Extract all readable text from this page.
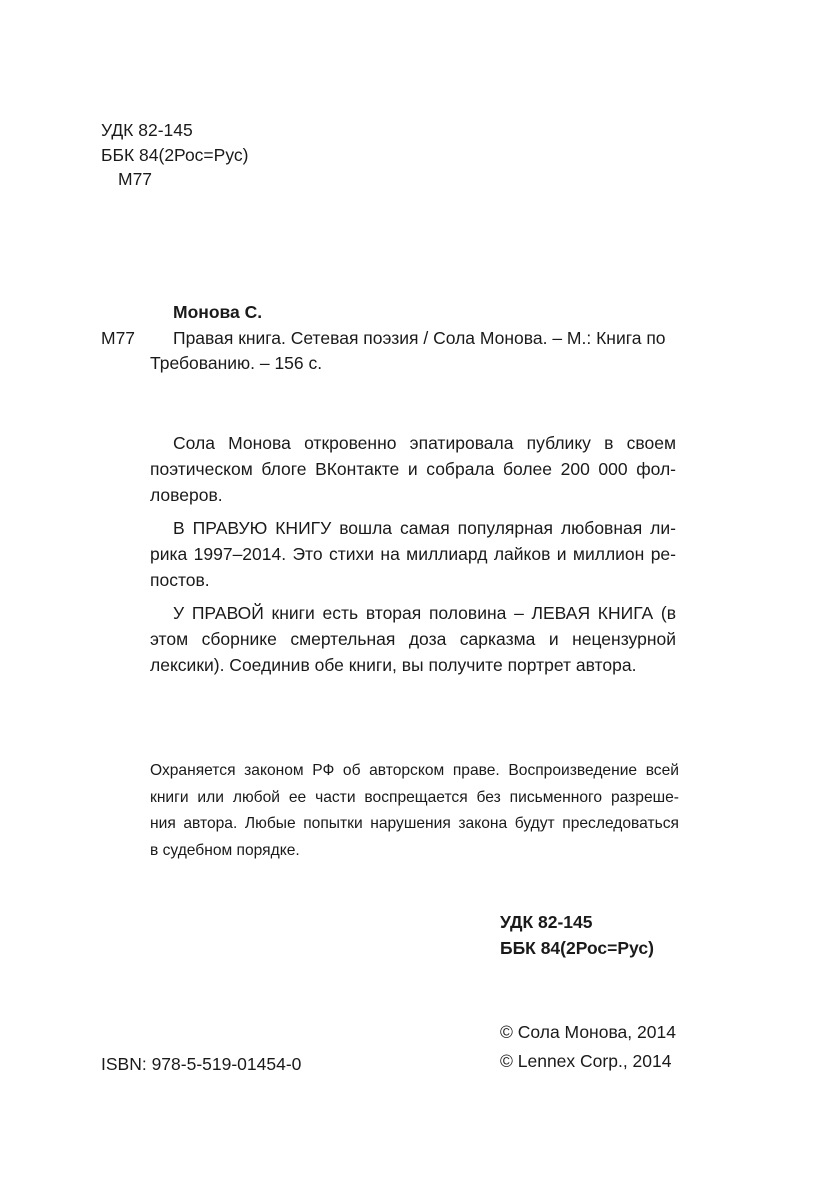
УДК 82-145
ББК 84(2Рос=Рус)
М77
Монова С.
М77 Правая книга. Сетевая поэзия / Сола Монова. – М.: Книга по
Требованию. – 156 с.
Сола Монова откровенно эпатировала публику в своем
поэтическом блоге ВКонтакте и собрала более 200 000 фол-
ловеров.
В ПРАВУЮ КНИГУ вошла самая популярная любовная ли-
рика 1997–2014. Это стихи на миллиард лайков и миллион ре-
постов.
У ПРАВОЙ книги есть вторая половина – ЛЕВАЯ КНИГА (в
этом сборнике смертельная доза сарказма и нецензурной
лексики). Соединив обе книги, вы получите портрет автора.
Охраняется законом РФ об авторском праве. Воспроизведение всей
книги или любой ее части воспрещается без письменного разреше-
ния автора. Любые попытки нарушения закона будут преследоваться
в судебном порядке.
УДК 82-145
ББК 84(2Рос=Рус)
ISBN: 978-5-519-01454-0
© Сола Монова, 2014
© Lennex Corp., 2014
